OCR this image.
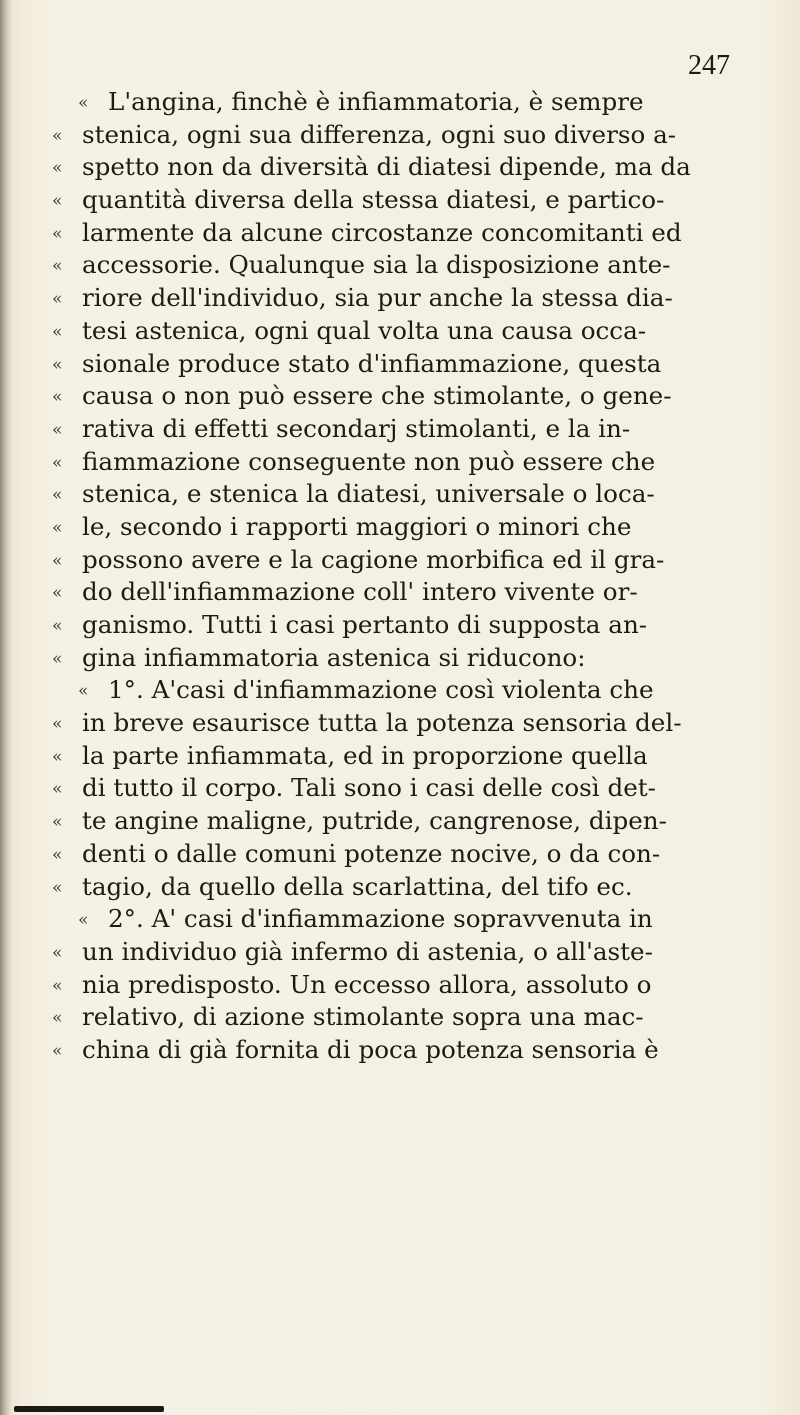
247
« L'angina, finchè è infiammatoria, è sempre
« stenica, ogni sua differenza, ogni suo diverso a-
« spetto non da diversità di diatesi dipende, ma da
« quantità diversa della stessa diatesi, e partico-
« larmente da alcune circostanze concomitanti ed
« accessorie. Qualunque sia la disposizione ante-
« riore dell'individuo, sia pur anche la stessa dia-
« tesi astenica, ogni qual volta una causa occa-
« sionale produce stato d'infiammazione, questa
« causa o non può essere che stimolante, o gene-
« rativa di effetti secondarj stimolanti, e la in-
« fiammazione conseguente non può essere che
« stenica, e stenica la diatesi, universale o loca-
« le, secondo i rapporti maggiori o minori che
« possono avere e la cagione morbifica ed il gra-
« do dell'infiammazione coll' intero vivente or-
« ganismo. Tutti i casi pertanto di supposta an-
« gina infiammatoria astenica si riducono:
« 1°. A'casi d'infiammazione così violenta che
« in breve esaurisce tutta la potenza sensoria del-
« la parte infiammata, ed in proporzione quella
« di tutto il corpo. Tali sono i casi delle così det-
« te angine maligne, putride, cangrenose, dipen-
« denti o dalle comuni potenze nocive, o da con-
« tagio, da quello della scarlattina, del tifo ec.
« 2°. A' casi d'infiammazione sopravvenuta in
« un individuo già infermo di astenia, o all'aste-
« nia predisposto. Un eccesso allora, assoluto o
« relativo, di azione stimolante sopra una mac-
« china di già fornita di poca potenza sensoria è
